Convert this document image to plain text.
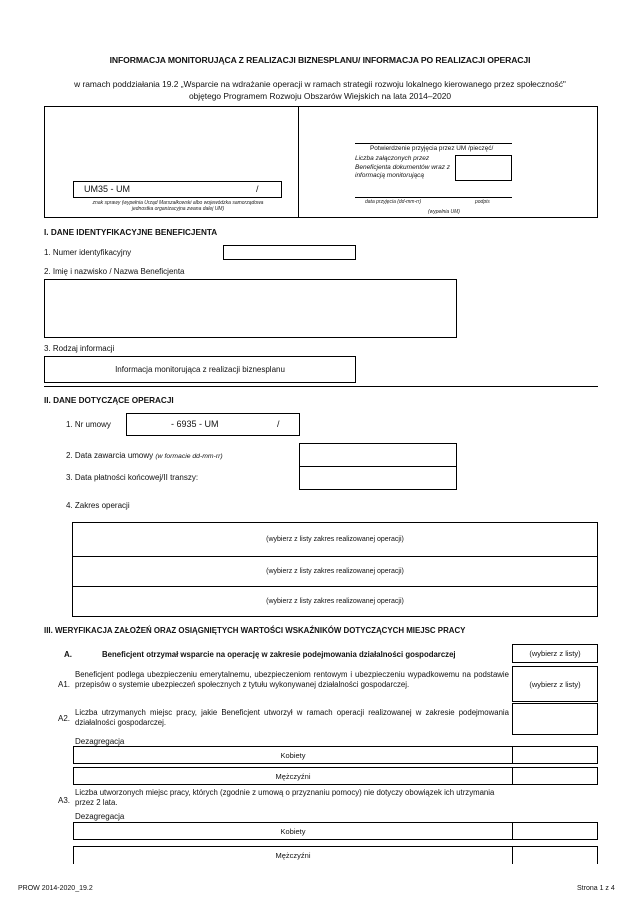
INFORMACJA MONITORUJĄCA Z REALIZACJI BIZNESPLANU/ INFORMACJA PO REALIZACJI OPERACJI
w ramach poddziałania 19.2 „Wsparcie na wdrażanie operacji w ramach strategii rozwoju lokalnego kierowanego przez społeczność"
objętego Programem Rozwoju Obszarów Wiejskich na lata 2014–2020
UM35 - UM	/
znak sprawy (wypełnia Urząd Marszałkowski albo wojewódzka samorządowa jednostka organizacyjna zwana dalej UM)
Potwierdzenie przyjęcia przez UM /pieczęć/
Liczba załączonych przez Beneficjenta dokumentów wraz z informacją monitorującą
data przyjęcia (dd-mm-rr)	podpis
(wypełnia UM)
I. DANE IDENTYFIKACYJNE BENEFICJENTA
1. Numer identyfikacyjny
2. Imię i nazwisko / Nazwa Beneficjenta
3. Rodzaj informacji
Informacja monitorująca z realizacji biznesplanu
II. DANE DOTYCZĄCE OPERACJI
1. Nr umowy	- 6935 - UM	/
2. Data zawarcia umowy (w formacie dd-mm-rr)
3. Data płatności końcowej/II transzy:
4. Zakres operacji
(wybierz z listy zakres realizowanej operacji)
(wybierz z listy zakres realizowanej operacji)
(wybierz z listy zakres realizowanej operacji)
III. WERYFIKACJA ZAŁOŻEŃ ORAZ OSIĄGNIĘTYCH WARTOŚCI WSKAŹNIKÓW DOTYCZĄCYCH MIEJSC PRACY
A.	Beneficjent otrzymał wsparcie na operację w zakresie podejmowania działalności gospodarczej	(wybierz z listy)
A1.
Beneficjent podlega ubezpieczeniu emerytalnemu, ubezpieczeniom rentowym i ubezpieczeniu wypadkowemu na podstawie przepisów o systemie ubezpieczeń społecznych z tytułu wykonywanej działalności gospodarczej.	(wybierz z listy)
A2.
Liczba utrzymanych miejsc pracy, jakie Beneficjent utworzył w ramach operacji realizowanej w zakresie podejmowania działalności gospodarczej.
Dezagregacja
Kobiety
Mężczyźni
A3.
Liczba utworzonych miejsc pracy, których (zgodnie z umową o przyznaniu pomocy) nie dotyczy obowiązek ich utrzymania przez 2 lata.
Dezagregacja
Kobiety
Mężczyźni
PROW 2014-2020_19.2	Strona 1 z 4
